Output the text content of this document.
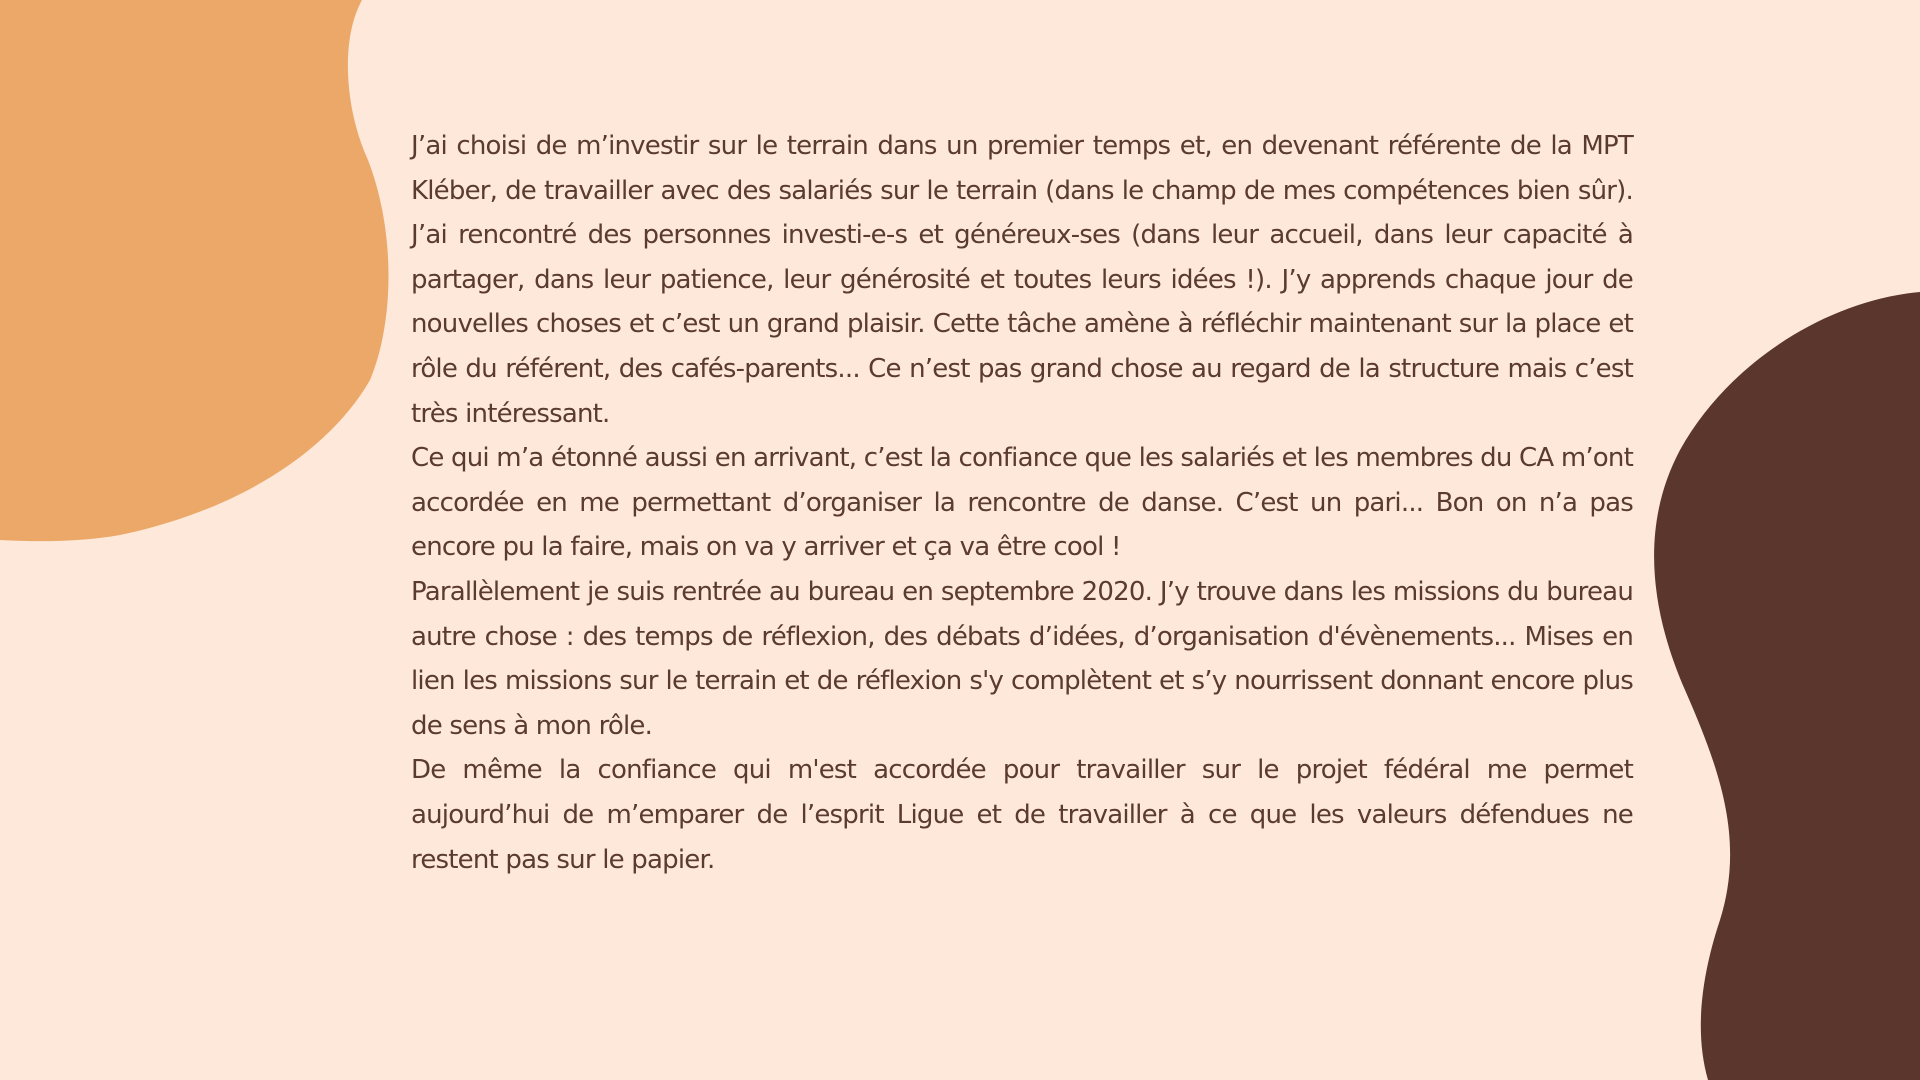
J’ai choisi de m’investir sur le terrain dans un premier temps et, en devenant référente de la MPT Kléber, de travailler avec des salariés sur le terrain (dans le champ de mes compétences bien sûr). J’ai rencontré des personnes investi-e-s et généreux-ses (dans leur accueil, dans leur capacité à partager, dans leur patience, leur générosité et toutes leurs idées !). J’y apprends chaque jour de nouvelles choses et c’est un grand plaisir. Cette tâche amène à réfléchir maintenant sur la place et rôle du référent, des cafés-parents... Ce n’est pas grand chose au regard de la structure mais c’est très intéressant.

Ce qui m’a étonné aussi en arrivant, c’est la confiance que les salariés et les membres du CA m’ont accordée en me permettant d’organiser la rencontre de danse. C’est un pari... Bon on n’a pas encore pu la faire, mais on va y arriver et ça va être cool !

Parallèlement je suis rentrée au bureau en septembre 2020. J’y trouve dans les missions du bureau autre chose : des temps de réflexion, des débats d’idées, d’organisation d'évènements... Mises en lien les missions sur le terrain et de réflexion s'y complètent et s’y nourrissent donnant encore plus de sens à mon rôle.

De même la confiance qui m'est accordée pour travailler sur le projet fédéral me permet aujourd’hui de m’emparer de l’esprit Ligue et de travailler à ce que les valeurs défendues ne restent pas sur le papier.
